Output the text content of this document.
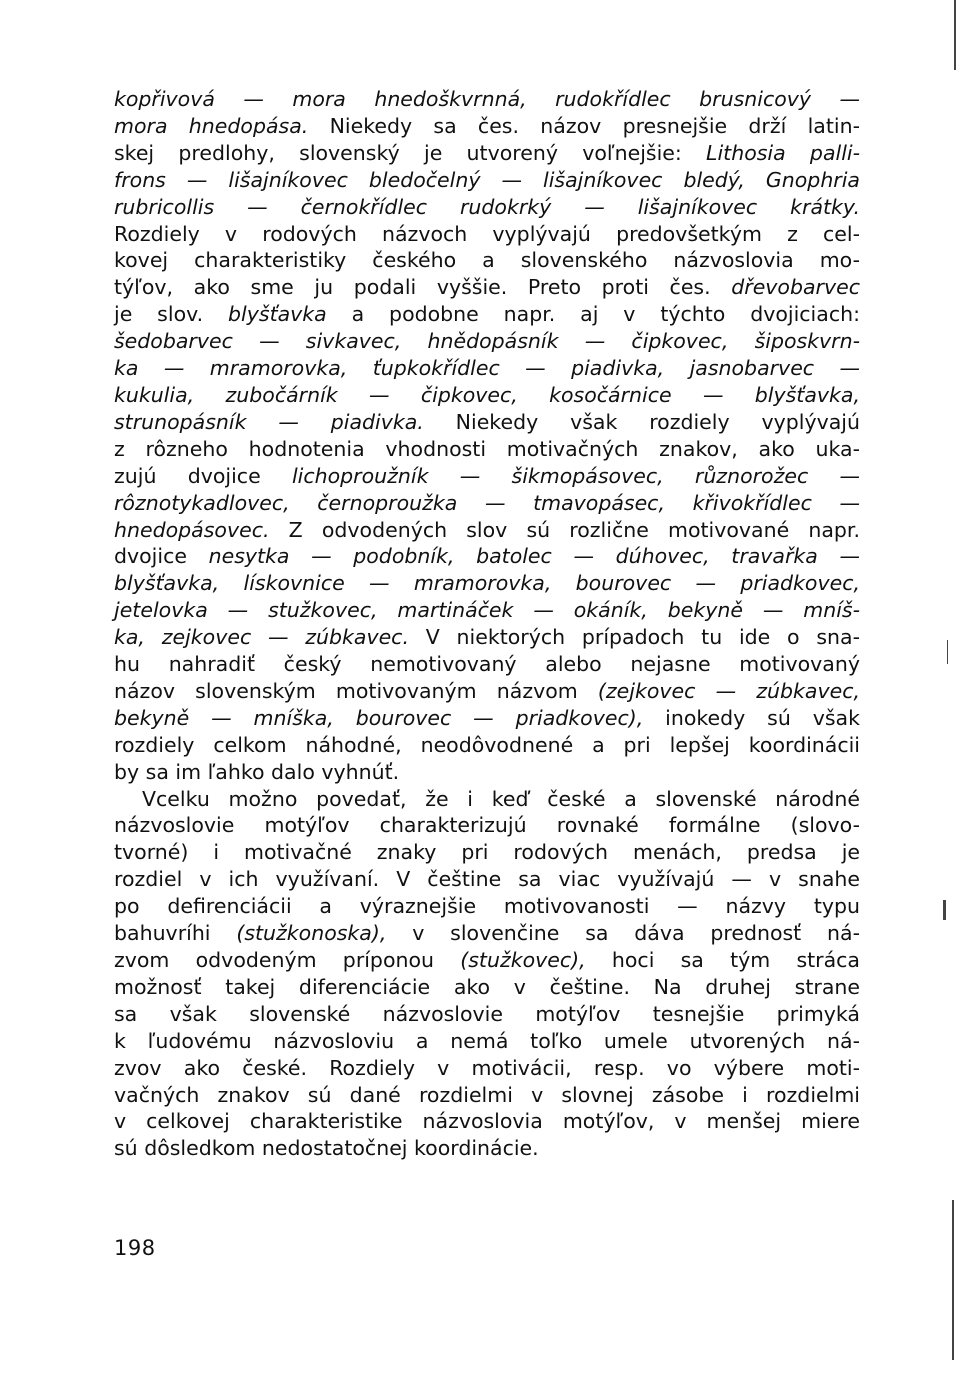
kopřivová — mora hnedoškvrnná, rudokřídlec brusnicový —
mora hnedopása. Niekedy sa čes. názov presnejšie drží latin-
skej predlohy, slovenský je utvorený voľnejšie: Lithosia palli-
frons — lišajníkovec bledočelný — lišajníkovec bledý, Gnophria
rubricollis — černokřídlec rudokrký — lišajníkovec krátky.
Rozdiely v rodových názvoch vyplývajú predovšetkým z cel-
kovej charakteristiky českého a slovenského názvoslovia mo-
týľov, ako sme ju podali vyššie. Preto proti čes. dřevobarvec
je slov. blyšťavka a podobne napr. aj v týchto dvojiciach:
šedobarvec — sivkavec, hnědopásník — čipkovec, šiposkvrn-
ka — mramorovka, ťupkokřídlec — piadivka, jasnobarvec —
kukulia, zubočárník — čipkovec, kosočárnice — blyšťavka,
strunopásník — piadivka. Niekedy však rozdiely vyplývajú
z rôzneho hodnotenia vhodnosti motivačných znakov, ako uka-
zujú dvojice lichoproužník — šikmopásovec, různorožec —
rôznotykadlovec, černoproužka — tmavopásec, křivokřídlec —
hnedopásovec. Z odvodených slov sú rozlične motivované napr.
dvojice nesytka — podobník, batolec — dúhovec, travařka —
blyšťavka, lískovnice — mramorovka, bourovec — priadkovec,
jetelovka — stužkovec, martináček — okáník, bekyně — mníš-
ka, zejkovec — zúbkavec. V niektorých prípadoch tu ide o sna-
hu nahradiť český nemotivovaný alebo nejasne motivovaný
názov slovenským motivovaným názvom (zejkovec — zúbkavec,
bekyně — mníška, bourovec — priadkovec), inokedy sú však
rozdiely celkom náhodné, neodôvodnené a pri lepšej koordinácii
by sa im ľahko dalo vyhnúť.
Vcelku možno povedať, že i keď české a slovenské národné
názvoslovie motýľov charakterizujú rovnaké formálne (slovo-
tvorné) i motivačné znaky pri rodových menách, predsa je
rozdiel v ich využívaní. V češtine sa viac využívajú — v snahe
po defirenciácii a výraznejšie motivovanosti — názvy typu
bahuvríhi (stužkonoska), v slovenčine sa dáva prednosť ná-
zvom odvodeným príponou (stužkovec), hoci sa tým stráca
možnosť takej diferenciácie ako v češtine. Na druhej strane
sa však slovenské názvoslovie motýľov tesnejšie primyká
k ľudovému názvosloviu a nemá toľko umele utvorených ná-
zvov ako české. Rozdiely v motivácii, resp. vo výbere moti-
vačných znakov sú dané rozdielmi v slovnej zásobe i rozdielmi
v celkovej charakteristike názvoslovia motýľov, v menšej miere
sú dôsledkom nedostatočnej koordinácie.
198
